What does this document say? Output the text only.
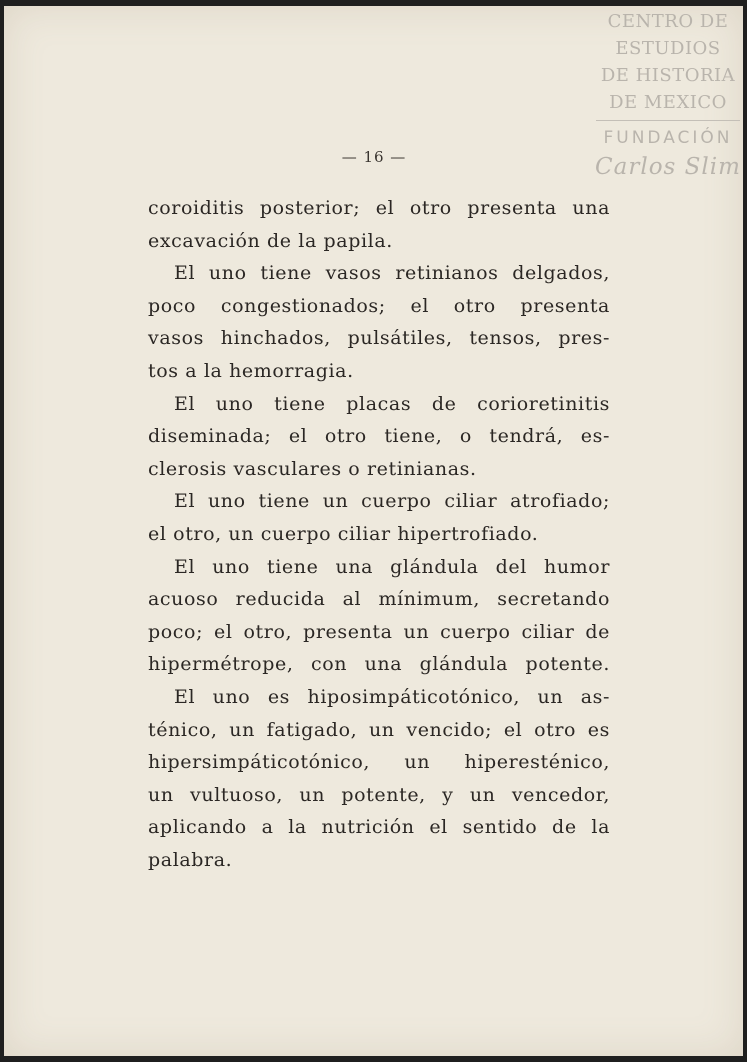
CENTRO DE
ESTUDIOS
DE HISTORIA
DE MEXICO
FUNDACIÓN
Carlos Slim
— 16 —
coroiditis posterior; el otro presenta una
excavación de la papila.
El uno tiene vasos retinianos delgados,
poco congestionados; el otro presenta
vasos hinchados, pulsátiles, tensos, pres-
tos a la hemorragia.
El uno tiene placas de corioretinitis
diseminada; el otro tiene, o tendrá, es-
clerosis vasculares o retinianas.
El uno tiene un cuerpo ciliar atrofiado;
el otro, un cuerpo ciliar hipertrofiado.
El uno tiene una glándula del humor
acuoso reducida al mínimum, secretando
poco; el otro, presenta un cuerpo ciliar de
hipermétrope, con una glándula potente.
El uno es hiposimpáticotónico, un as-
ténico, un fatigado, un vencido; el otro es
hipersimpáticotónico, un hiperesténico,
un vultuoso, un potente, y un vencedor,
aplicando a la nutrición el sentido de la
palabra.
